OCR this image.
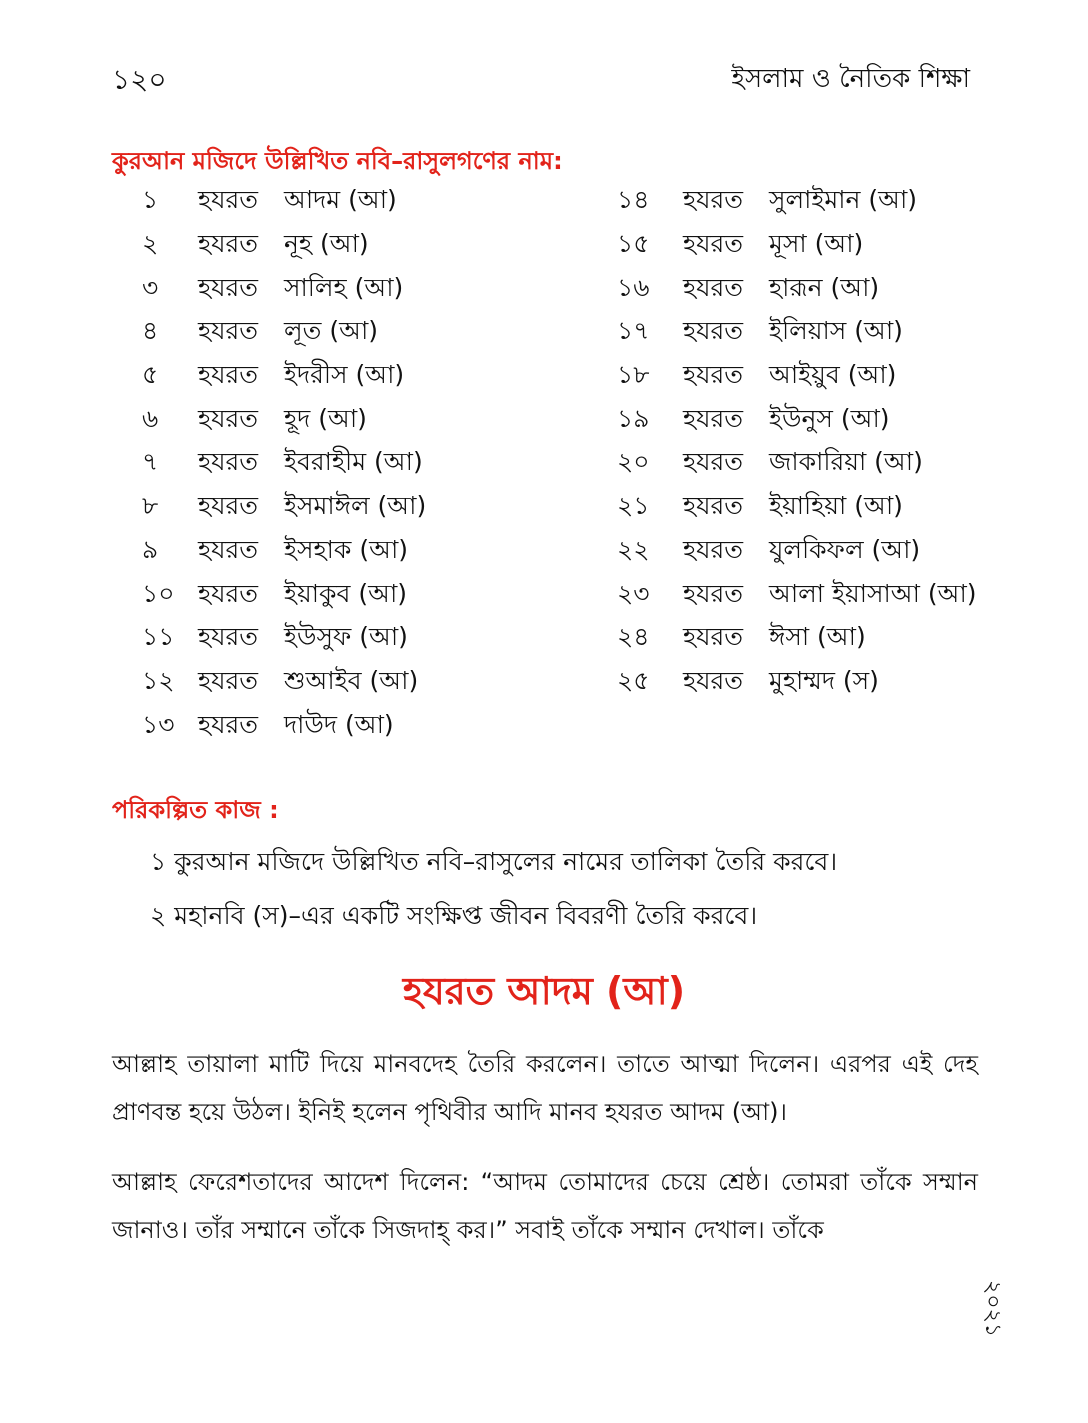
১২০	ইসলাম ও নৈতিক শিক্ষা
কুরআন মজিদে উল্লিখিত নবি–রাসুলগণের নাম:
১	হযরত	আদম (আ)
২	হযরত	নূহ (আ)
৩	হযরত	সালিহ (আ)
৪	হযরত	লূত (আ)
৫	হযরত	ইদরীস (আ)
৬	হযরত	হূদ (আ)
৭	হযরত	ইবরাহীম (আ)
৮	হযরত	ইসমাঈল (আ)
৯	হযরত	ইসহাক (আ)
১০ হযরত	ইয়াকুব (আ)
১১ হযরত	ইউসুফ (আ)
১২ হযরত	শুআইব (আ)
১৩ হযরত	দাউদ (আ)
১৪	হযরত	সুলাইমান (আ)
১৫	হযরত	মূসা (আ)
১৬	হযরত	হারূন (আ)
১৭	হযরত	ইলিয়াস (আ)
১৮	হযরত	আইয়ুব (আ)
১৯	হযরত	ইউনুস (আ)
২০	হযরত	জাকারিয়া (আ)
২১	হযরত	ইয়াহিয়া (আ)
২২	হযরত	যুলকিফল (আ)
২৩	হযরত	আলা ইয়াসাআ (আ)
২৪	হযরত	ঈসা (আ)
২৫	হযরত	মুহাম্মদ (স)
পরিকল্পিত কাজ :
১ কুরআন মজিদে উল্লিখিত নবি–রাসুলের নামের তালিকা তৈরি করবে।
২ মহানবি (স)–এর একটি সংক্ষিপ্ত জীবন বিবরণী তৈরি করবে।
হযরত আদম (আ)

আল্লাহ তায়ালা মাটি দিয়ে মানবদেহ তৈরি করলেন। তাতে আত্মা দিলেন। এরপর এই দেহ প্রাণবন্ত হয়ে উঠল। ইনিই হলেন পৃথিবীর আদি মানব হযরত আদম (আ)।

আল্লাহ ফেরেশতাদের আদেশ দিলেন: “আদম তোমাদের চেয়ে শ্রেষ্ঠ। তোমরা তাঁকে সম্মান জানাও। তাঁর সম্মানে তাঁকে সিজদাহ্ কর।” সবাই তাঁকে সম্মান দেখাল। তাঁকে

২০২১
